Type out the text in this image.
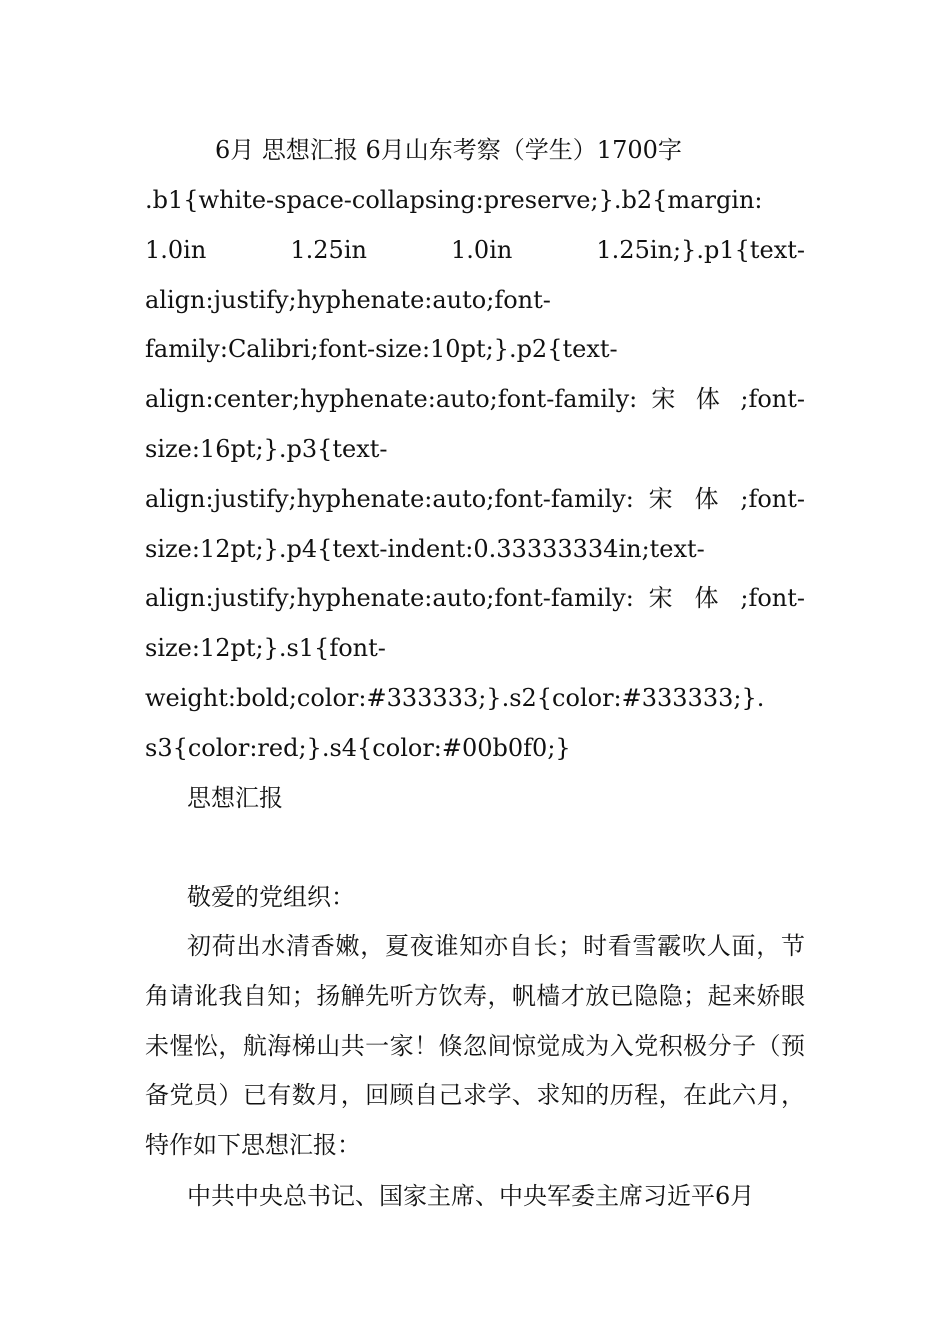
6月 思想汇报 6月山东考察（学生）1700字

.b1{white-space-collapsing:preserve;}.b2{margin:
1.0in          1.25in          1.0in          1.25in;}.p1{text-
align:justify;hyphenate:auto;font-
family:Calibri;font-size:10pt;}.p2{text-
align:center;hyphenate:auto;font-family: 宋 体 ;font-
size:16pt;}.p3{text-
align:justify;hyphenate:auto;font-family: 宋 体 ;font-
size:12pt;}.p4{text-indent:0.33333334in;text-
align:justify;hyphenate:auto;font-family: 宋 体 ;font-
size:12pt;}.s1{font-
weight:bold;color:#333333;}.s2{color:#333333;}.
s3{color:red;}.s4{color:#00b0f0;}

思想汇报

敬爱的党组织：

初荷出水清香嫩，夏夜谁知亦自长；时看雪霰吹人面，节角请讹我自知；扬觯先听方饮寿，帆樯才放已隐隐；起来娇眼未惺忪，航海梯山共一家！倏忽间惊觉成为入党积极分子（预备党员）已有数月，回顾自己求学、求知的历程，在此六月，特作如下思想汇报：

中共中央总书记、国家主席、中央军委主席习近平6月
